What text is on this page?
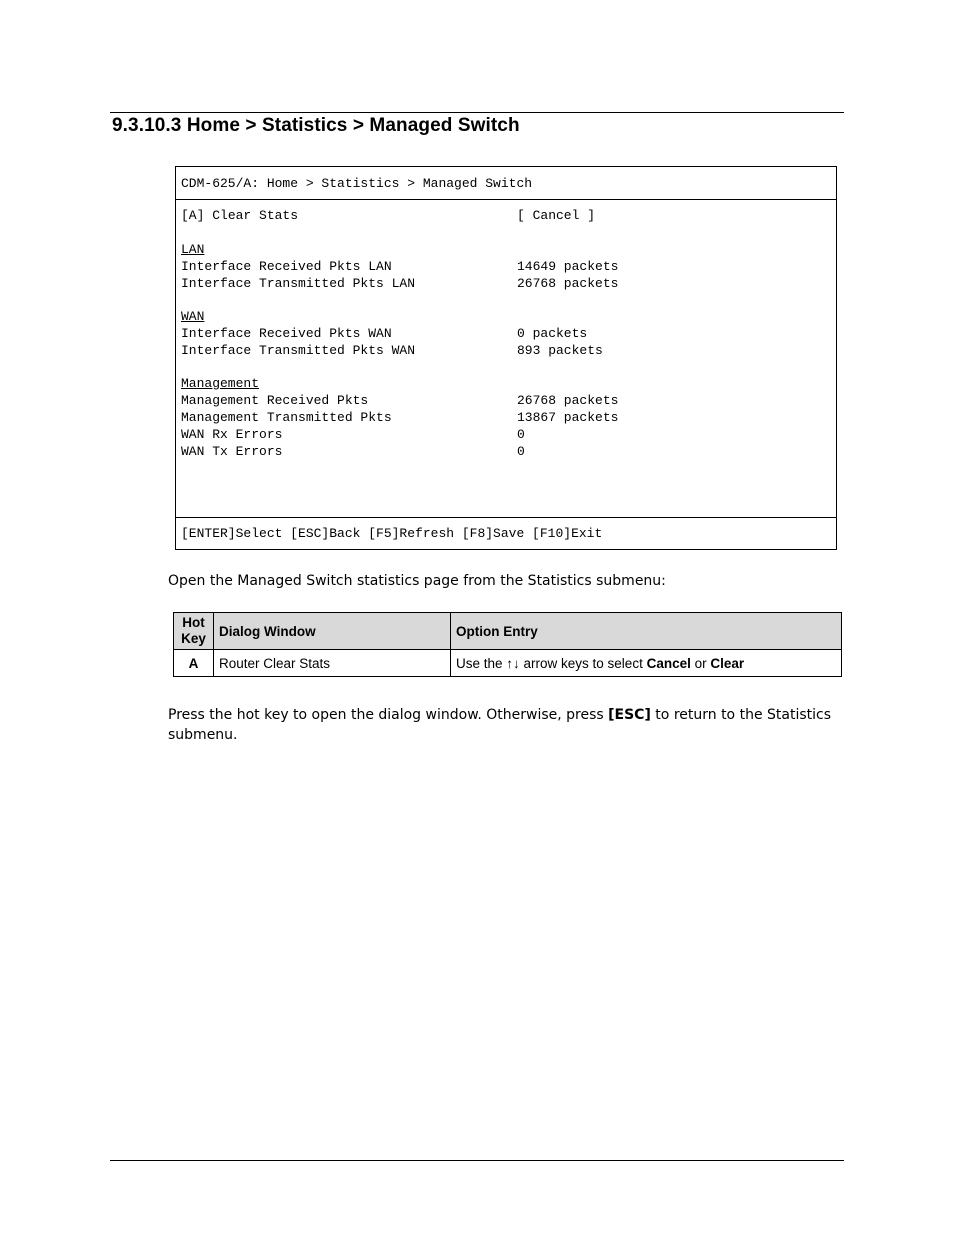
9.3.10.3 Home > Statistics > Managed Switch
CDM-625/A: Home > Statistics > Managed Switch
[A] Clear Stats	[ Cancel ]
LAN
Interface Received Pkts LAN	14649 packets
Interface Transmitted Pkts LAN	26768 packets
WAN
Interface Received Pkts WAN	0 packets
Interface Transmitted Pkts WAN	893 packets
Management
Management Received Pkts	26768 packets
Management Transmitted Pkts	13867 packets
WAN Rx Errors	0
WAN Tx Errors	0
[ENTER]Select [ESC]Back [F5]Refresh [F8]Save [F10]Exit
Open the Managed Switch statistics page from the Statistics submenu:
Hot
Key	Dialog Window	Option Entry
A	Router Clear Stats	Use the ↑↓ arrow keys to select Cancel or Clear
Press the hot key to open the dialog window. Otherwise, press [ESC] to return to the Statistics submenu.
